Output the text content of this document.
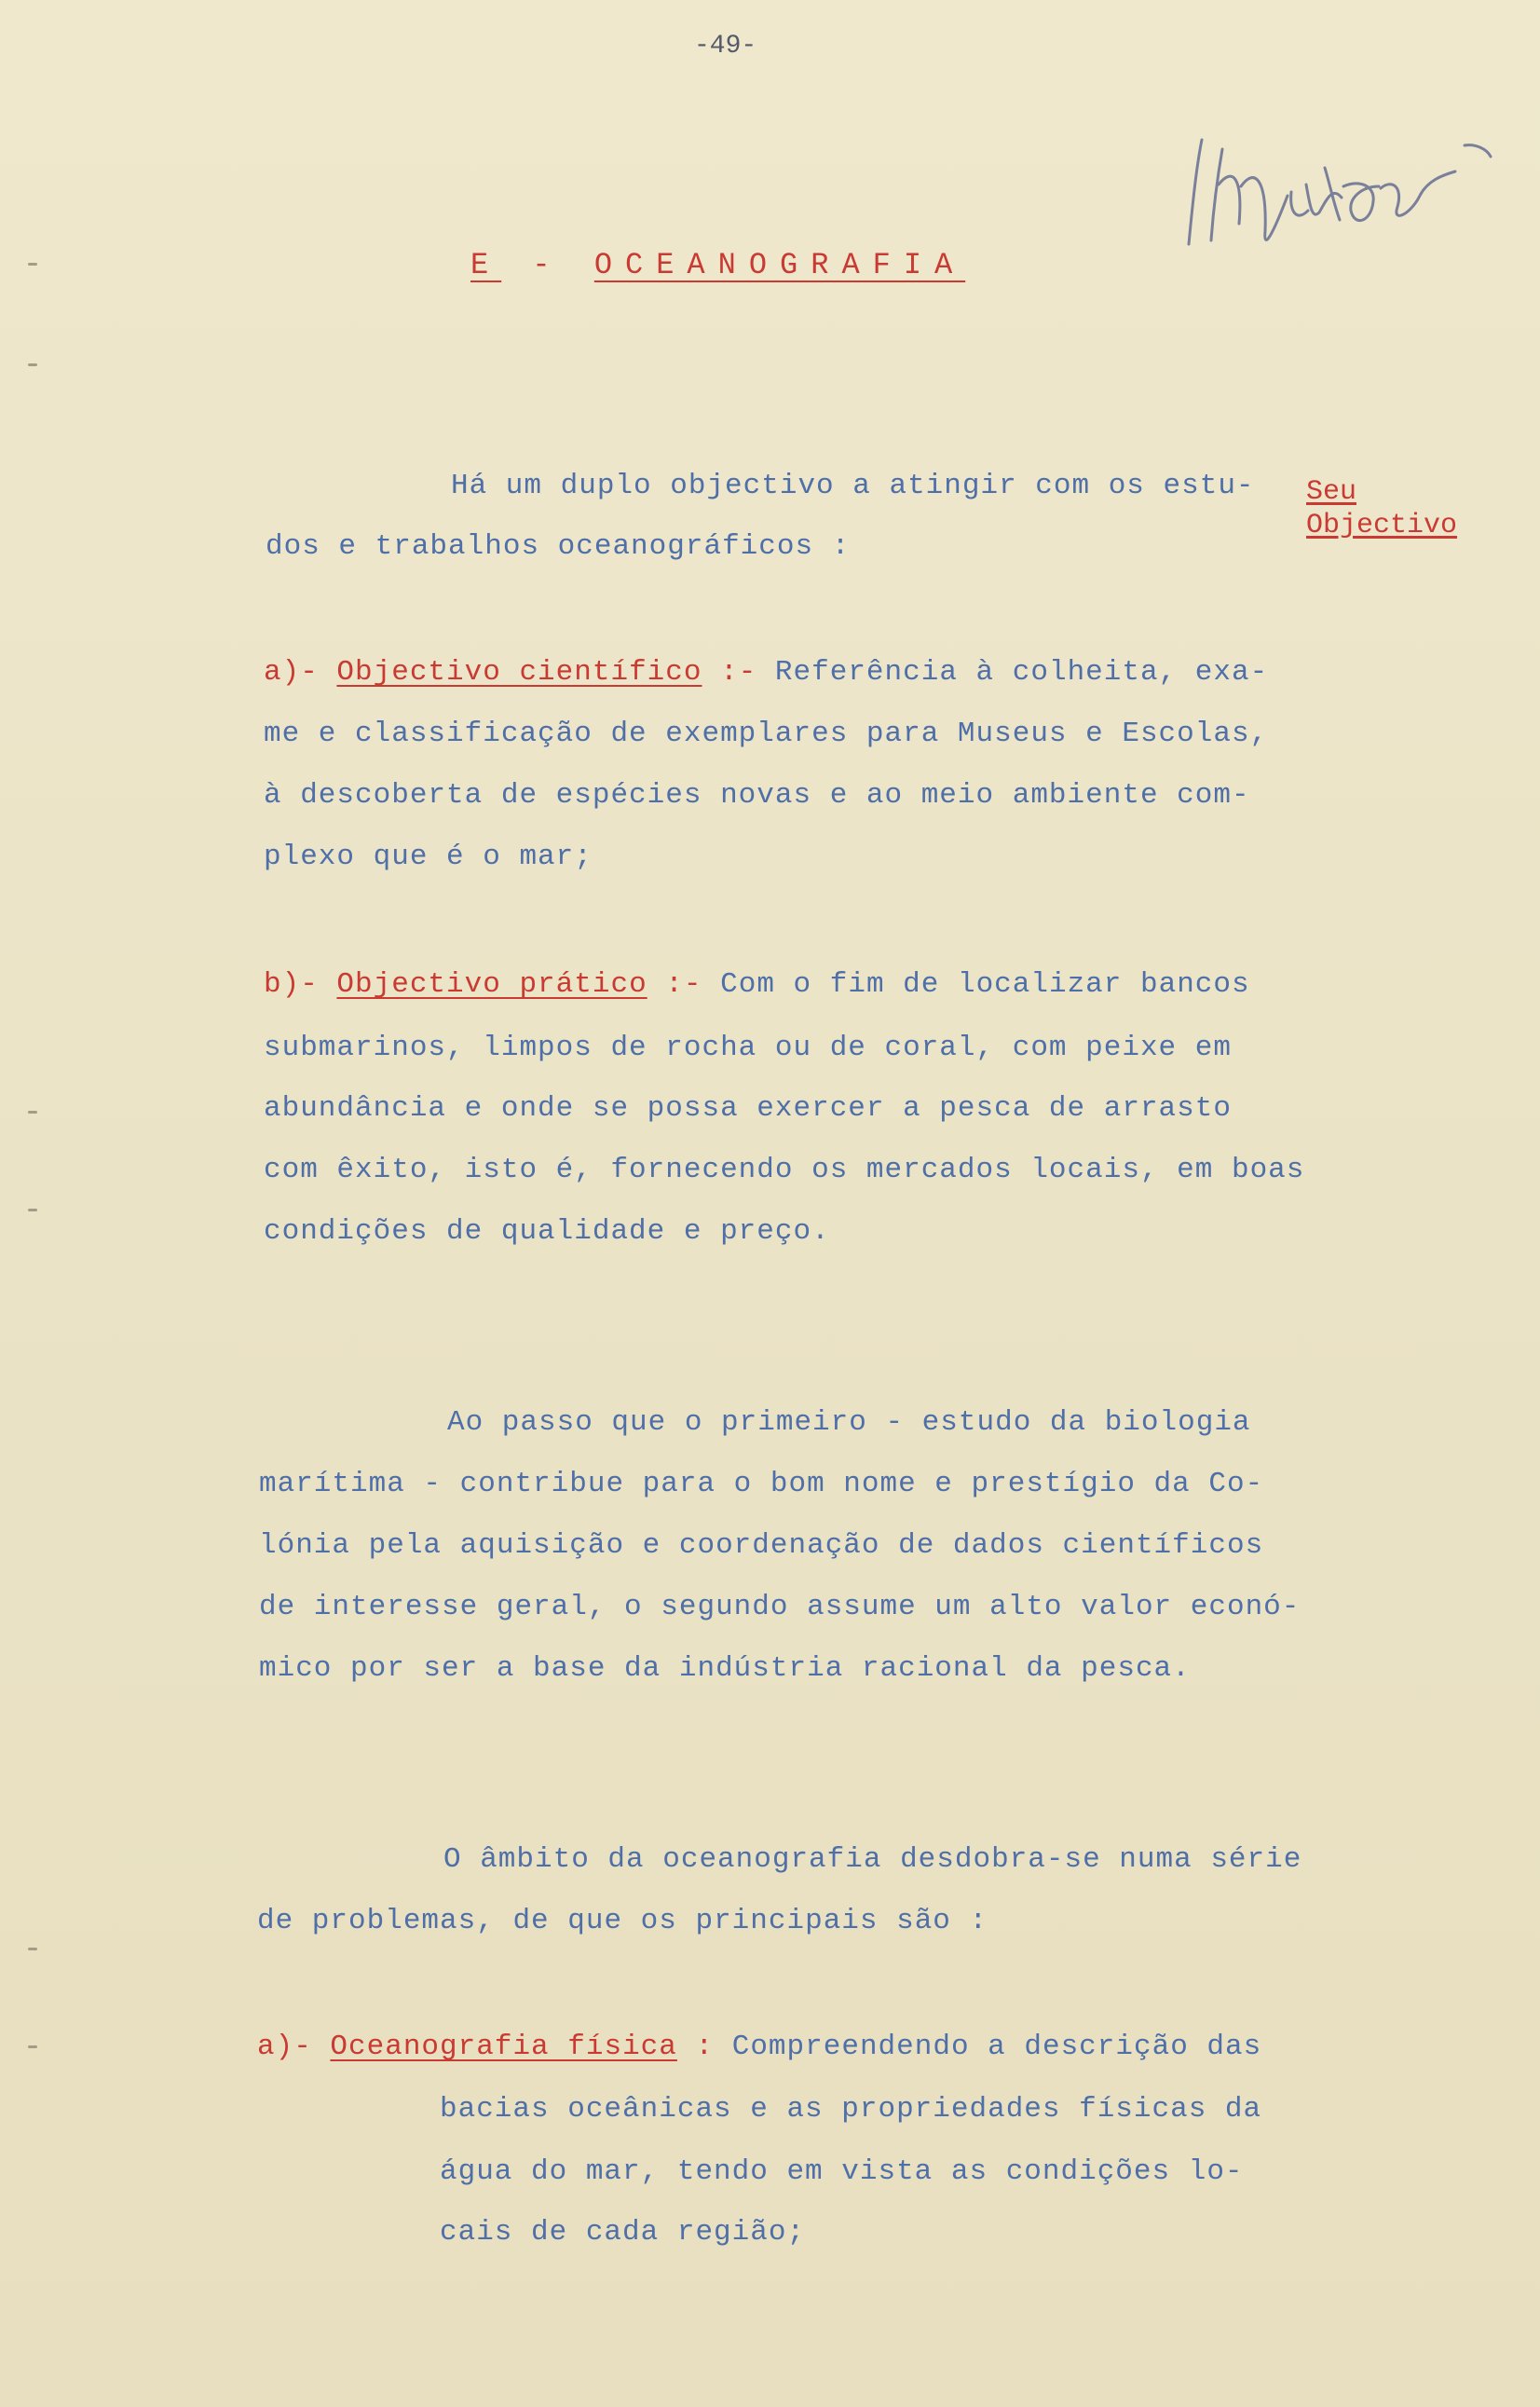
-49-
E - OCEANOGRAFIA
Seu
Objectivo
Há um duplo objectivo a atingir com os estu-
dos e trabalhos oceanográficos :
a)- Objectivo científico :- Referência à colheita, exa-
me e classificação de exemplares para Museus e Escolas,
à descoberta de espécies novas e ao meio ambiente com-
plexo que é o mar;
b)- Objectivo prático :- Com o fim de localizar bancos
submarinos, limpos de rocha ou de coral, com peixe em
abundância e onde se possa exercer a pesca de arrasto
com êxito, isto é, fornecendo os mercados locais, em boas
condições de qualidade e preço.
Ao passo que o primeiro - estudo da biologia
marítima - contribue para o bom nome e prestígio da Co-
lónia pela aquisição e coordenação de dados científicos
de interesse geral, o segundo assume um alto valor econó-
mico por ser a base da indústria racional da pesca.
O âmbito da oceanografia desdobra-se numa série
de problemas, de que os principais são :
a)- Oceanografia física : Compreendendo a descrição das
bacias oceânicas e as propriedades físicas da
água do mar, tendo em vista as condições lo-
cais de cada região;
